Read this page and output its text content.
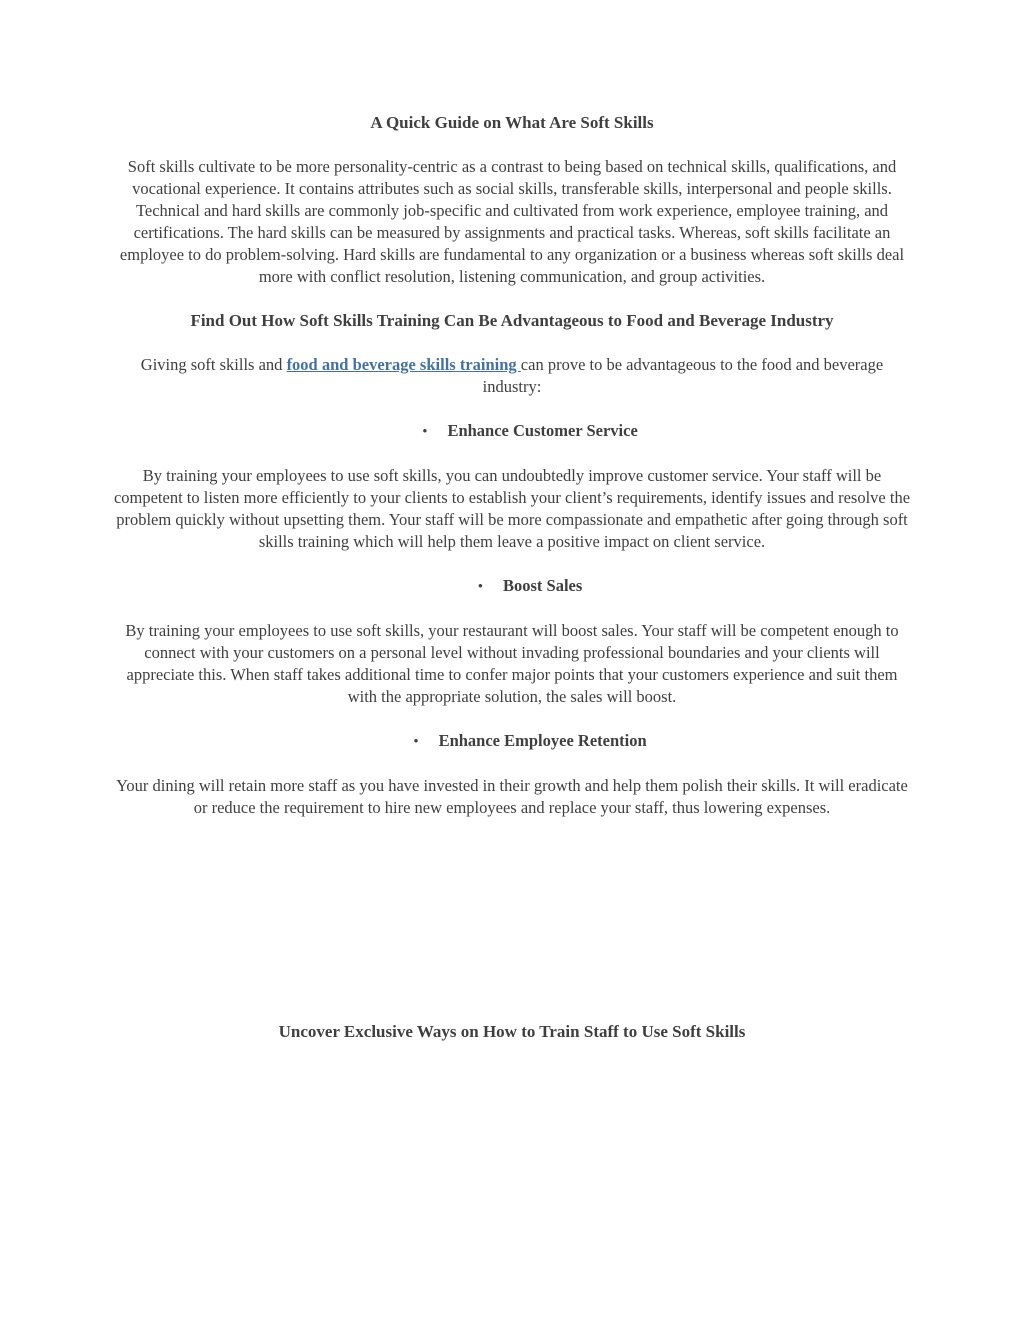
A Quick Guide on What Are Soft Skills

Soft skills cultivate to be more personality-centric as a contrast to being based on technical skills, qualifications, and vocational experience. It contains attributes such as social skills, transferable skills, interpersonal and people skills. Technical and hard skills are commonly job-specific and cultivated from work experience, employee training, and certifications. The hard skills can be measured by assignments and practical tasks. Whereas, soft skills facilitate an employee to do problem-solving. Hard skills are fundamental to any organization or a business whereas soft skills deal more with conflict resolution, listening communication, and group activities.

Find Out How Soft Skills Training Can Be Advantageous to Food and Beverage Industry

Giving soft skills and food and beverage skills training can prove to be advantageous to the food and beverage industry:

• Enhance Customer Service

By training your employees to use soft skills, you can undoubtedly improve customer service. Your staff will be competent to listen more efficiently to your clients to establish your client’s requirements, identify issues and resolve the problem quickly without upsetting them. Your staff will be more compassionate and empathetic after going through soft skills training which will help them leave a positive impact on client service.

• Boost Sales

By training your employees to use soft skills, your restaurant will boost sales. Your staff will be competent enough to connect with your customers on a personal level without invading professional boundaries and your clients will appreciate this. When staff takes additional time to confer major points that your customers experience and suit them with the appropriate solution, the sales will boost.

• Enhance Employee Retention

Your dining will retain more staff as you have invested in their growth and help them polish their skills. It will eradicate or reduce the requirement to hire new employees and replace your staff, thus lowering expenses.

Uncover Exclusive Ways on How to Train Staff to Use Soft Skills
